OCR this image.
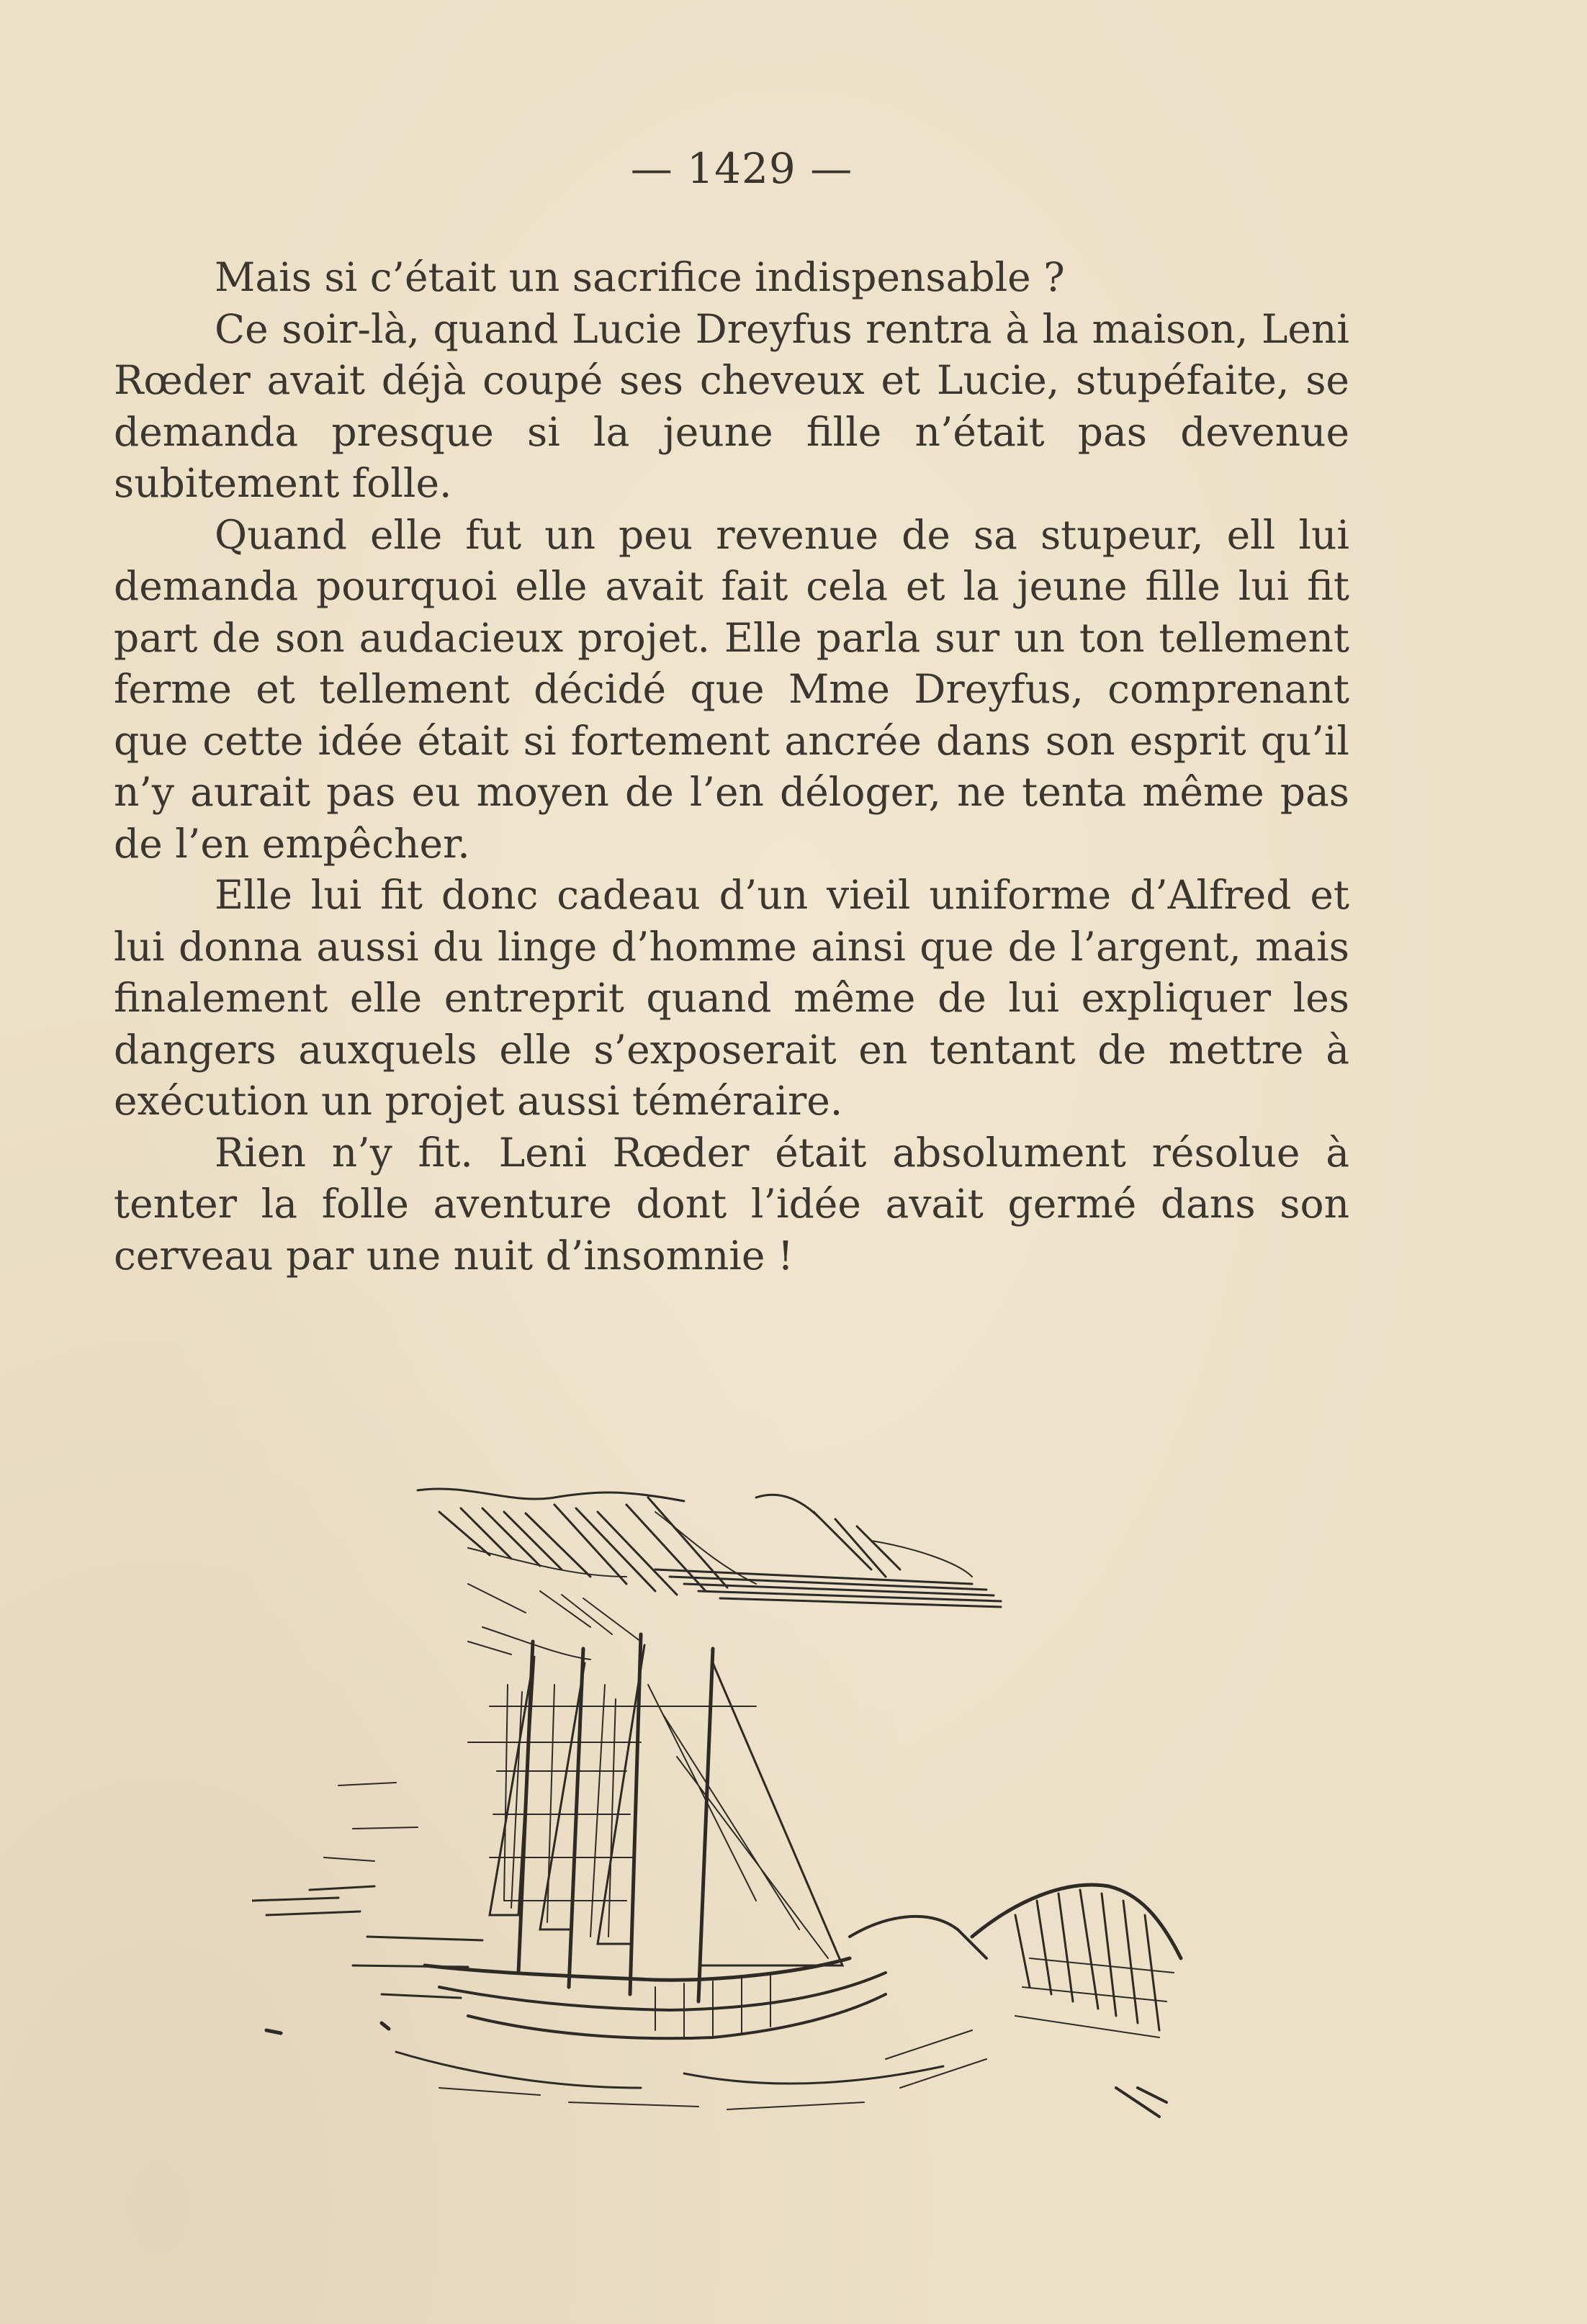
— 1429 —

Mais si c’était un sacrifice indispensable ?

Ce soir-là, quand Lucie Dreyfus rentra à la maison, Leni Rœder avait déjà coupé ses cheveux et Lucie, stupéfaite, se demanda presque si la jeune fille n’était pas devenue subitement folle.

Quand elle fut un peu revenue de sa stupeur, ell lui demanda pourquoi elle avait fait cela et la jeune fille lui fit part de son audacieux projet. Elle parla sur un ton tellement ferme et tellement décidé que Mme Dreyfus, comprenant que cette idée était si fortement ancrée dans son esprit qu’il n’y aurait pas eu moyen de l’en déloger, ne tenta même pas de l’en empêcher.

Elle lui fit donc cadeau d’un vieil uniforme d’Alfred et lui donna aussi du linge d’homme ainsi que de l’argent, mais finalement elle entreprit quand même de lui expliquer les dangers auxquels elle s’exposerait en tentant de mettre à exécution un projet aussi téméraire.

Rien n’y fit. Leni Rœder était absolument résolue à tenter la folle aventure dont l’idée avait germé dans son cerveau par une nuit d’insomnie !
